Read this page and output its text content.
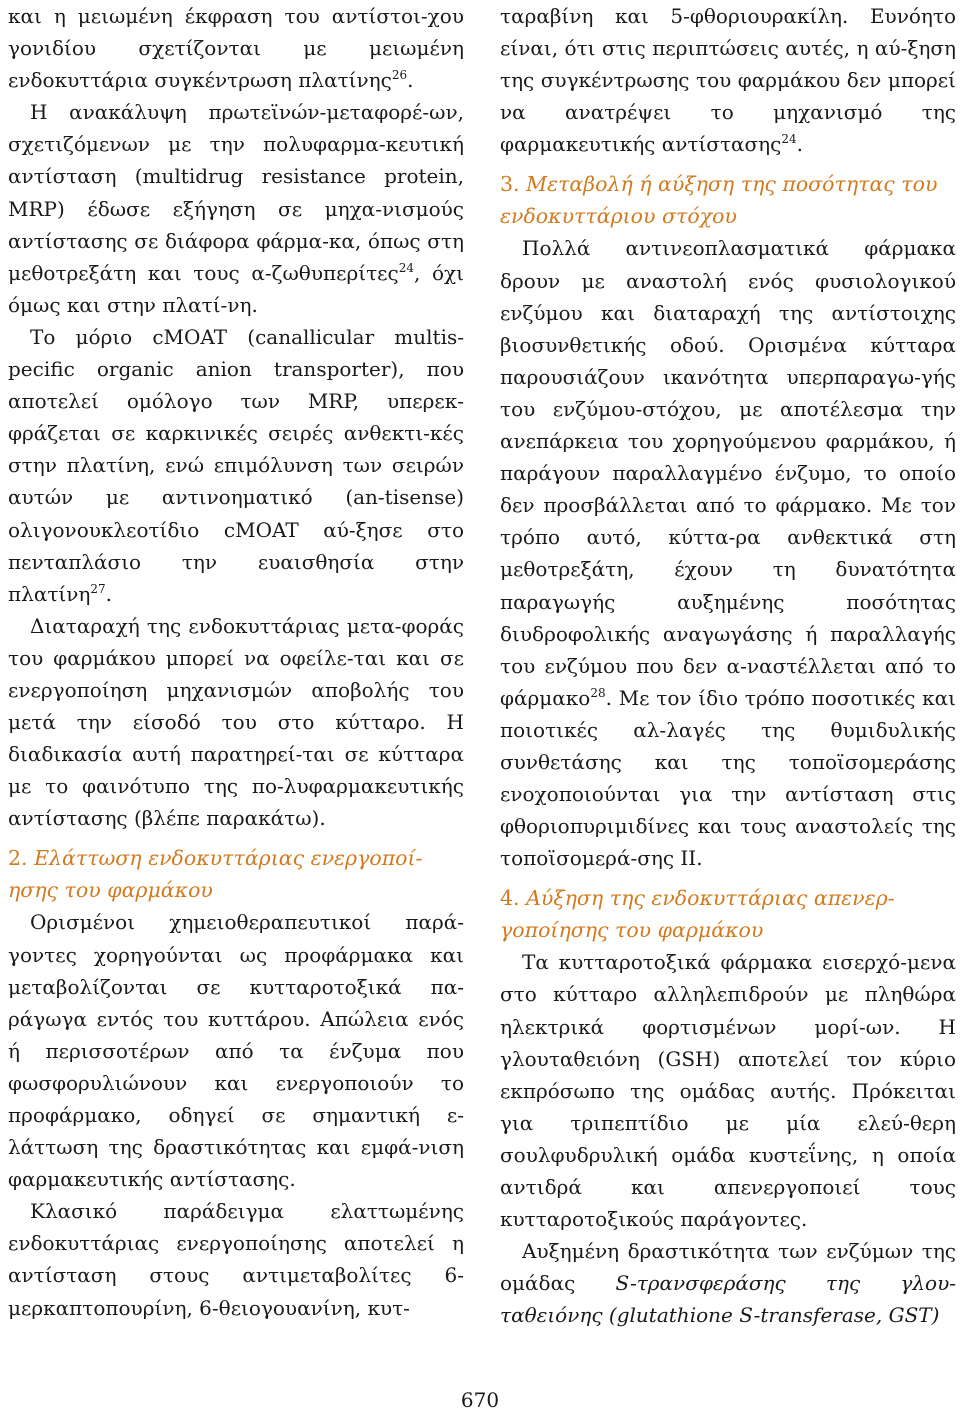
και η μειωμένη έκφραση του αντίστοι-χου γονιδίου σχετίζονται με μειωμένη ενδοκυττάρια συγκέντρωση πλατίνης$^{26}$.

Η ανακάλυψη πρωτεϊνών-μεταφορέ-ων, σχετιζόμενων με την πολυφαρμα-κευτική αντίσταση (multidrug resistance protein, MRP) έδωσε εξήγηση σε μηχα-νισμούς αντίστασης σε διάφορα φάρμα-κα, όπως στη μεθοτρεξάτη και τους α-ζωθυπερίτες$^{24}$, όχι όμως και στην πλατί-νη.

Το μόριο cMOAT (canallicular multis-pecific organic anion transporter), που αποτελεί ομόλογο των MRP, υπερεκ-φράζεται σε καρκινικές σειρές ανθεκτι-κές στην πλατίνη, ενώ επιμόλυνση των σειρών αυτών με αντινοηματικό (an-tisense) ολιγονουκλεοτίδιο cMOAT αύ-ξησε στο πενταπλάσιο την ευαισθησία στην πλατίνη$^{27}$.

Διαταραχή της ενδοκυττάριας μετα-φοράς του φαρμάκου μπορεί να οφείλε-ται και σε ενεργοποίηση μηχανισμών αποβολής του μετά την είσοδό του στο κύτταρο. Η διαδικασία αυτή παρατηρεί-ται σε κύτταρα με το φαινότυπο της πο-λυφαρμακευτικής αντίστασης (βλέπε παρακάτω).

2. Ελάττωση ενδοκυττάριας ενεργοποί-ησης του φαρμάκου

Ορισμένοι χημειοθεραπευτικοί παρά-γοντες χορηγούνται ως προφάρμακα και μεταβολίζονται σε κυτταροτοξικά πα-ράγωγα εντός του κυττάρου. Απώλεια ενός ή περισσοτέρων από τα ένζυμα που φωσφορυλιώνουν και ενεργοποιούν το προφάρμακο, οδηγεί σε σημαντική ε-λάττωση της δραστικότητας και εμφά-νιση φαρμακευτικής αντίστασης.

Κλασικό παράδειγμα ελαττωμένης ενδοκυττάριας ενεργοποίησης αποτελεί η αντίσταση στους αντιμεταβολίτες 6-μερκαπτοπουρίνη, 6-θειογουανίνη, κυτ-

ταραβίνη και 5-φθοριουρακίλη. Ευνόητο είναι, ότι στις περιπτώσεις αυτές, η αύ-ξηση της συγκέντρωσης του φαρμάκου δεν μπορεί να ανατρέψει το μηχανισμό της φαρμακευτικής αντίστασης$^{24}$.

3. Μεταβολή ή αύξηση της ποσότητας του ενδοκυττάριου στόχου

Πολλά αντινεοπλασματικά φάρμακα δρουν με αναστολή ενός φυσιολογικού ενζύμου και διαταραχή της αντίστοιχης βιοσυνθετικής οδού. Ορισμένα κύτταρα παρουσιάζουν ικανότητα υπερπαραγω-γής του ενζύμου-στόχου, με αποτέλεσμα την ανεπάρκεια του χορηγούμενου φαρμάκου, ή παράγουν παραλλαγμένο ένζυμο, το οποίο δεν προσβάλλεται από το φάρμακο. Με τον τρόπο αυτό, κύττα-ρα ανθεκτικά στη μεθοτρεξάτη, έχουν τη δυνατότητα παραγωγής αυξημένης ποσότητας διυδροφολικής αναγωγάσης ή παραλλαγής του ενζύμου που δεν α-ναστέλλεται από το φάρμακο$^{28}$. Με τον ίδιο τρόπο ποσοτικές και ποιοτικές αλ-λαγές της θυμιδυλικής συνθετάσης και της τοποϊσομεράσης ενοχοποιούνται για την αντίσταση στις φθοριοπυριμιδίνες και τους αναστολείς της τοποϊσομερά-σης ΙΙ.

4. Αύξηση της ενδοκυττάριας απενερ-γοποίησης του φαρμάκου

Τα κυτταροτοξικά φάρμακα εισερχό-μενα στο κύτταρο αλληλεπιδρούν με πληθώρα ηλεκτρικά φορτισμένων μορί-ων. Η γλουταθειόνη (GSH) αποτελεί τον κύριο εκπρόσωπο της ομάδας αυτής. Πρόκειται για τριπεπτίδιο με μία ελεύ-θερη σουλφυδρυλική ομάδα κυστεΐνης, η οποία αντιδρά και απενεργοποιεί τους κυτταροτοξικούς παράγοντες.

Αυξημένη δραστικότητα των ενζύμων της ομάδας S-τρανσφεράσης της γλου-ταθειόνης (glutathione S-transferase, GST)

670
